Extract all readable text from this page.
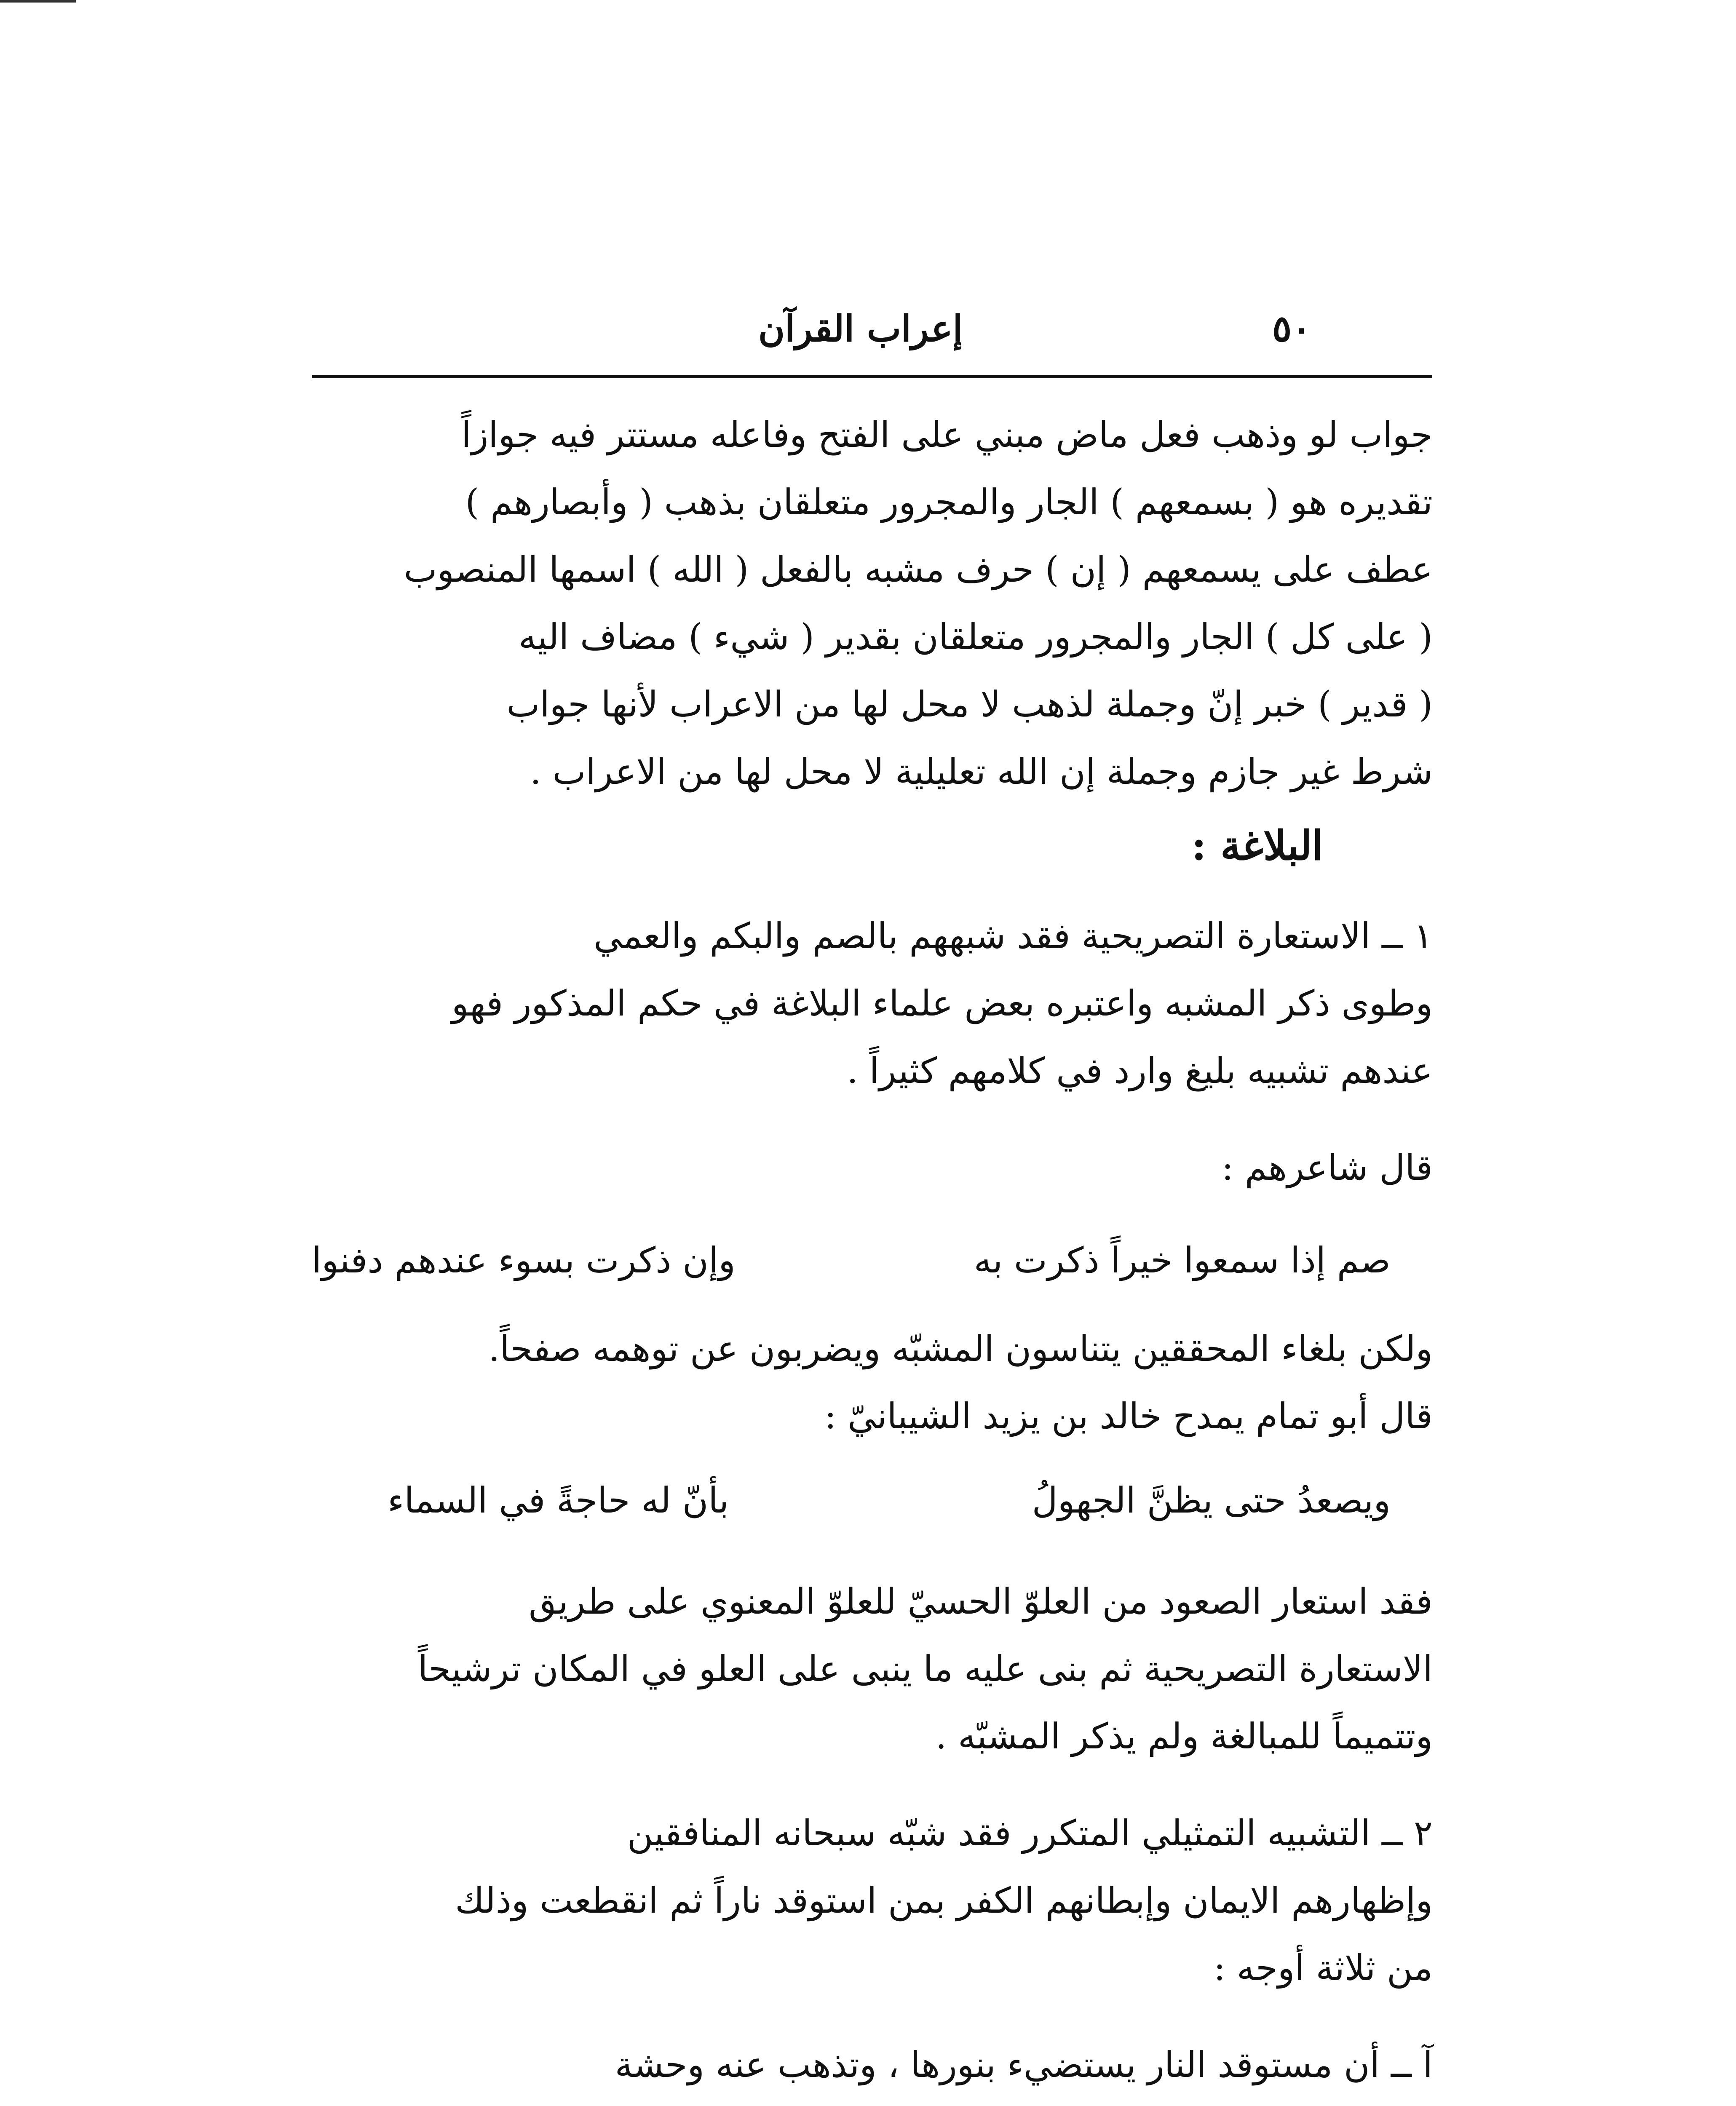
إعراب القرآن	٥٠
جواب لو وذهب فعل ماض مبني على الفتح وفاعله مستتر فيه جوازاً
تقديره هو ( بسمعهم ) الجار والمجرور متعلقان بذهب ( وأبصارهم )
عطف على يسمعهم ( إن ) حرف مشبه بالفعل ( الله ) اسمها المنصوب
( على كل ) الجار والمجرور متعلقان بقدير ( شيء ) مضاف اليه
( قدير ) خبر إنّ وجملة لذهب لا محل لها من الاعراب لأنها جواب
شرط غير جازم وجملة إن الله تعليلية لا محل لها من الاعراب .
البلاغة :
١ ــ الاستعارة التصريحية فقد شبههم بالصم والبكم والعمي
وطوى ذكر المشبه واعتبره بعض علماء البلاغة في حكم المذكور فهو
عندهم تشبيه بليغ وارد في كلامهم كثيراً .
قال شاعرهم :
صم إذا سمعوا خيراً ذكرت به
وإن ذكرت بسوء عندهم دفنوا
ولكن بلغاء المحققين يتناسون المشبّه ويضربون عن توهمه صفحاً.
قال أبو تمام يمدح خالد بن يزيد الشيبانيّ :
ويصعدُ حتى يظنَّ الجهولُ
بأنّ له حاجةً في السماء
فقد استعار الصعود من العلوّ الحسيّ للعلوّ المعنوي على طريق
الاستعارة التصريحية ثم بنى عليه ما ينبى على العلو في المكان ترشيحاً
وتتميماً للمبالغة ولم يذكر المشبّه .
٢ ــ التشبيه التمثيلي المتكرر فقد شبّه سبحانه المنافقين
وإظهارهم الايمان وإبطانهم الكفر بمن استوقد ناراً ثم انقطعت وذلك
من ثلاثة أوجه :
آ ــ أن مستوقد النار يستضيء بنورها ، وتذهب عنه وحشة
